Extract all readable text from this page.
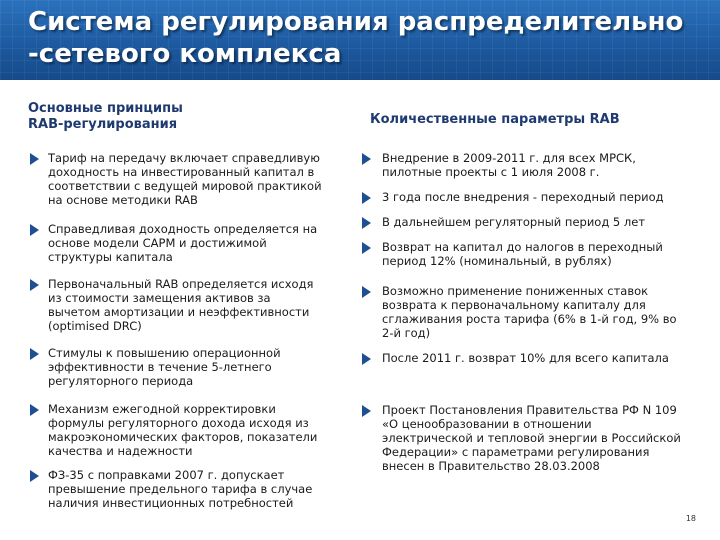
Система регулирования распределительно
-сетевого комплекса
Основные принципы
RAB-регулирования
Тариф на передачу включает справедливую
доходность на инвестированный капитал в
соответствии с ведущей мировой практикой
на основе методики RAB
Справедливая доходность определяется на
основе модели CAPM и достижимой
структуры капитала
Первоначальный RAB определяется исходя
из стоимости замещения активов за
вычетом амортизации и неэффективности
(optimised DRC)
Стимулы к повышению операционной
эффективности в течение 5-летнего
регуляторного периода
Механизм ежегодной корректировки
формулы регуляторного дохода исходя из
макроэкономических факторов, показатели
качества и надежности
ФЗ-35 с поправками 2007 г. допускает
превышение предельного тарифа в случае
наличия инвестиционных потребностей
Количественные параметры RAB
Внедрение в 2009-2011 г. для всех МРСК,
пилотные проекты с 1 июля 2008 г.
3 года после внедрения - переходный период
В дальнейшем регуляторный период 5 лет
Возврат на капитал до налогов в переходный
период 12% (номинальный, в рублях)
Возможно применение пониженных ставок
возврата к первоначальному капиталу для
сглаживания роста тарифа (6% в 1-й год, 9% во
2-й год)
После 2011 г. возврат 10% для всего капитала
Проект Постановления Правительства РФ N 109
«О ценообразовании в отношении
электрической и тепловой энергии в Российской
Федерации» с параметрами регулирования
внесен в Правительство 28.03.2008
18
